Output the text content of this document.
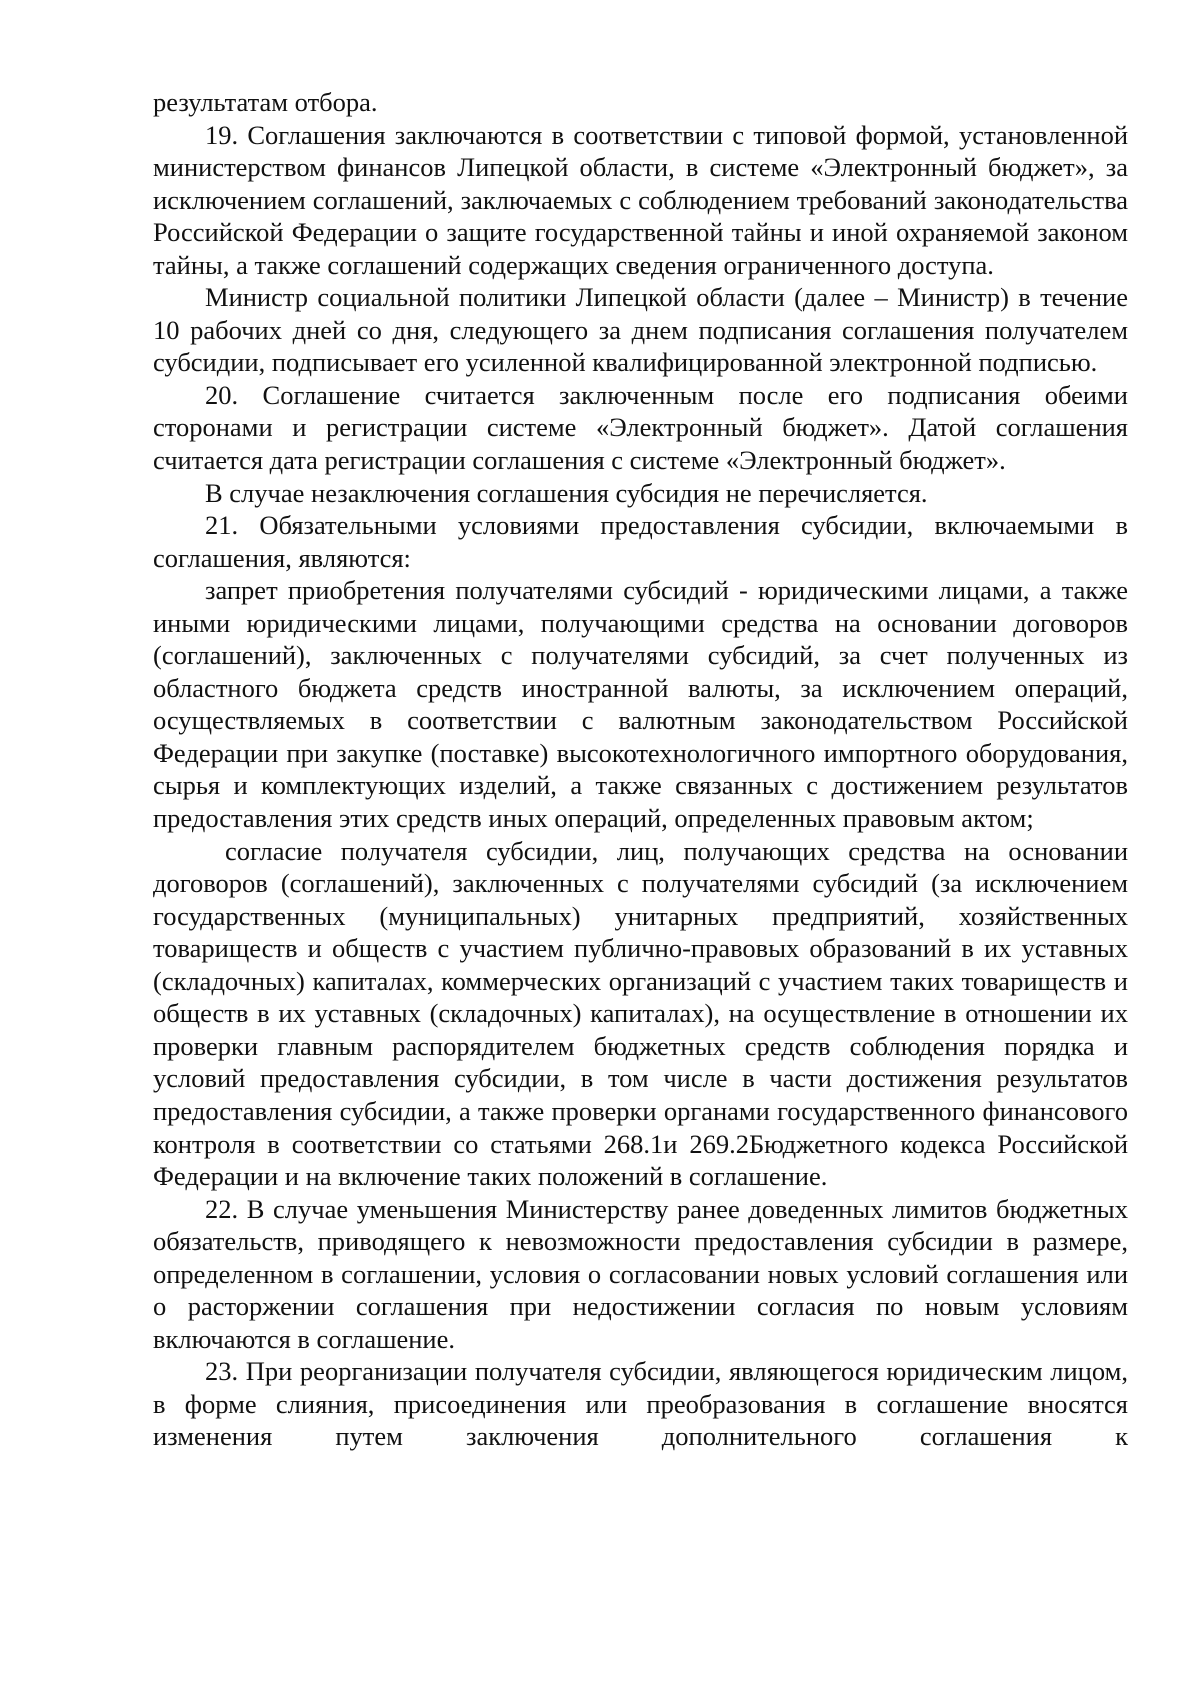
результатам отбора.

19. Соглашения заключаются в соответствии с типовой формой, установленной министерством финансов Липецкой области, в системе «Электронный бюджет», за исключением соглашений, заключаемых с соблюдением требований законодательства Российской Федерации о защите государственной тайны и иной охраняемой законом тайны, а также соглашений содержащих сведения ограниченного доступа.

Министр социальной политики Липецкой области (далее – Министр) в течение 10 рабочих дней со дня, следующего за днем подписания соглашения получателем субсидии, подписывает его усиленной квалифицированной электронной подписью.

20. Соглашение считается заключенным после его подписания обеими сторонами и регистрации системе «Электронный бюджет». Датой соглашения считается дата регистрации соглашения с системе «Электронный бюджет».

В случае незаключения соглашения субсидия не перечисляется.

21. Обязательными условиями предоставления субсидии, включаемыми в соглашения, являются:

запрет приобретения получателями субсидий - юридическими лицами, а также иными юридическими лицами, получающими средства на основании договоров (соглашений), заключенных с получателями субсидий, за счет полученных из областного бюджета средств иностранной валюты, за исключением операций, осуществляемых в соответствии с валютным законодательством Российской Федерации при закупке (поставке) высокотехнологичного импортного оборудования, сырья и комплектующих изделий, а также связанных с достижением результатов предоставления этих средств иных операций, определенных правовым актом;

согласие получателя субсидии, лиц, получающих средства на основании договоров (соглашений), заключенных с получателями субсидий (за исключением государственных (муниципальных) унитарных предприятий, хозяйственных товариществ и обществ с участием публично-правовых образований в их уставных (складочных) капиталах, коммерческих организаций с участием таких товариществ и обществ в их уставных (складочных) капиталах), на осуществление в отношении их проверки главным распорядителем бюджетных средств соблюдения порядка и условий предоставления субсидии, в том числе в части достижения результатов предоставления субсидии, а также проверки органами государственного финансового контроля в соответствии со статьями 268.1и 269.2Бюджетного кодекса Российской Федерации и на включение таких положений в соглашение.

22. В случае уменьшения Министерству ранее доведенных лимитов бюджетных обязательств, приводящего к невозможности предоставления субсидии в размере, определенном в соглашении, условия о согласовании новых условий соглашения или о расторжении соглашения при недостижении согласия по новым условиям включаются в соглашение.

23. При реорганизации получателя субсидии, являющегося юридическим лицом, в форме слияния, присоединения или преобразования в соглашение вносятся изменения путем заключения дополнительного соглашения к
